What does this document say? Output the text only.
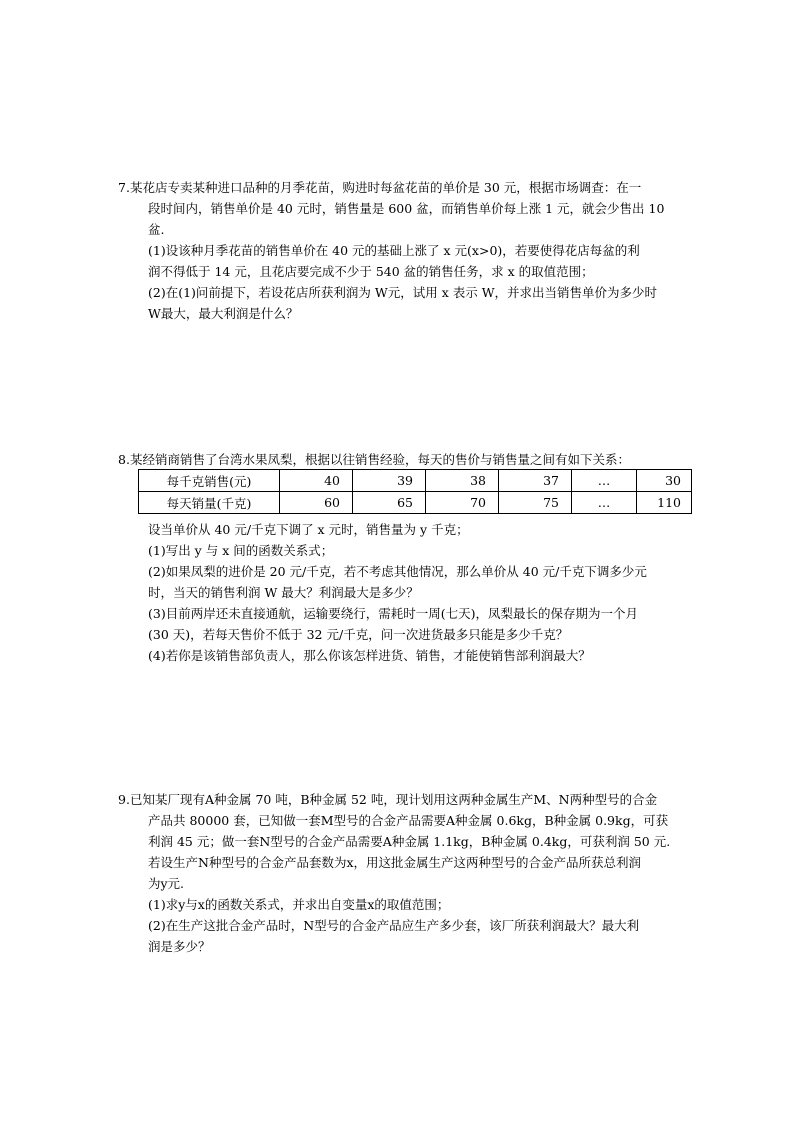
7.某花店专卖某种进口品种的月季花苗，购进时每盆花苗的单价是 30 元，根据市场调查：在一
段时间内，销售单价是 40 元时，销售量是 600 盆，而销售单价每上涨 1 元，就会少售出 10
盆.
(1)设该种月季花苗的销售单价在 40 元的基础上涨了 x 元(x>0)，若要使得花店每盆的利
润不得低于 14 元，且花店要完成不少于 540 盆的销售任务，求 x 的取值范围；
(2)在(1)问前提下，若设花店所获利润为 W元，试用 x 表示 W，并求出当销售单价为多少时
W最大，最大利润是什么？
8.某经销商销售了台湾水果凤梨，根据以往销售经验，每天的售价与销售量之间有如下关系：
每千克销售(元)	40	39	38	37	…	30
每天销量(千克)	60	65	70	75	…	110
设当单价从 40 元/千克下调了 x 元时，销售量为 y 千克；
(1)写出 y 与 x 间的函数关系式；
(2)如果凤梨的进价是 20 元/千克，若不考虑其他情况，那么单价从 40 元/千克下调多少元
时，当天的销售利润 W 最大？利润最大是多少？
(3)目前两岸还未直接通航，运输要绕行，需耗时一周(七天)，凤梨最长的保存期为一个月
(30 天)，若每天售价不低于 32 元/千克，问一次进货最多只能是多少千克？
(4)若你是该销售部负责人，那么你该怎样进货、销售，才能使销售部利润最大？
9.已知某厂现有A种金属 70 吨，B种金属 52 吨，现计划用这两种金属生产M、N两种型号的合金
产品共 80000 套，已知做一套M型号的合金产品需要A种金属 0.6kg，B种金属 0.9kg，可获
利润 45 元；做一套N型号的合金产品需要A种金属 1.1kg，B种金属 0.4kg，可获利润 50 元.
若设生产N种型号的合金产品套数为x，用这批金属生产这两种型号的合金产品所获总利润
为y元.
(1)求y与x的函数关系式，并求出自变量x的取值范围；
(2)在生产这批合金产品时，N型号的合金产品应生产多少套，该厂所获利润最大？最大利
润是多少？
